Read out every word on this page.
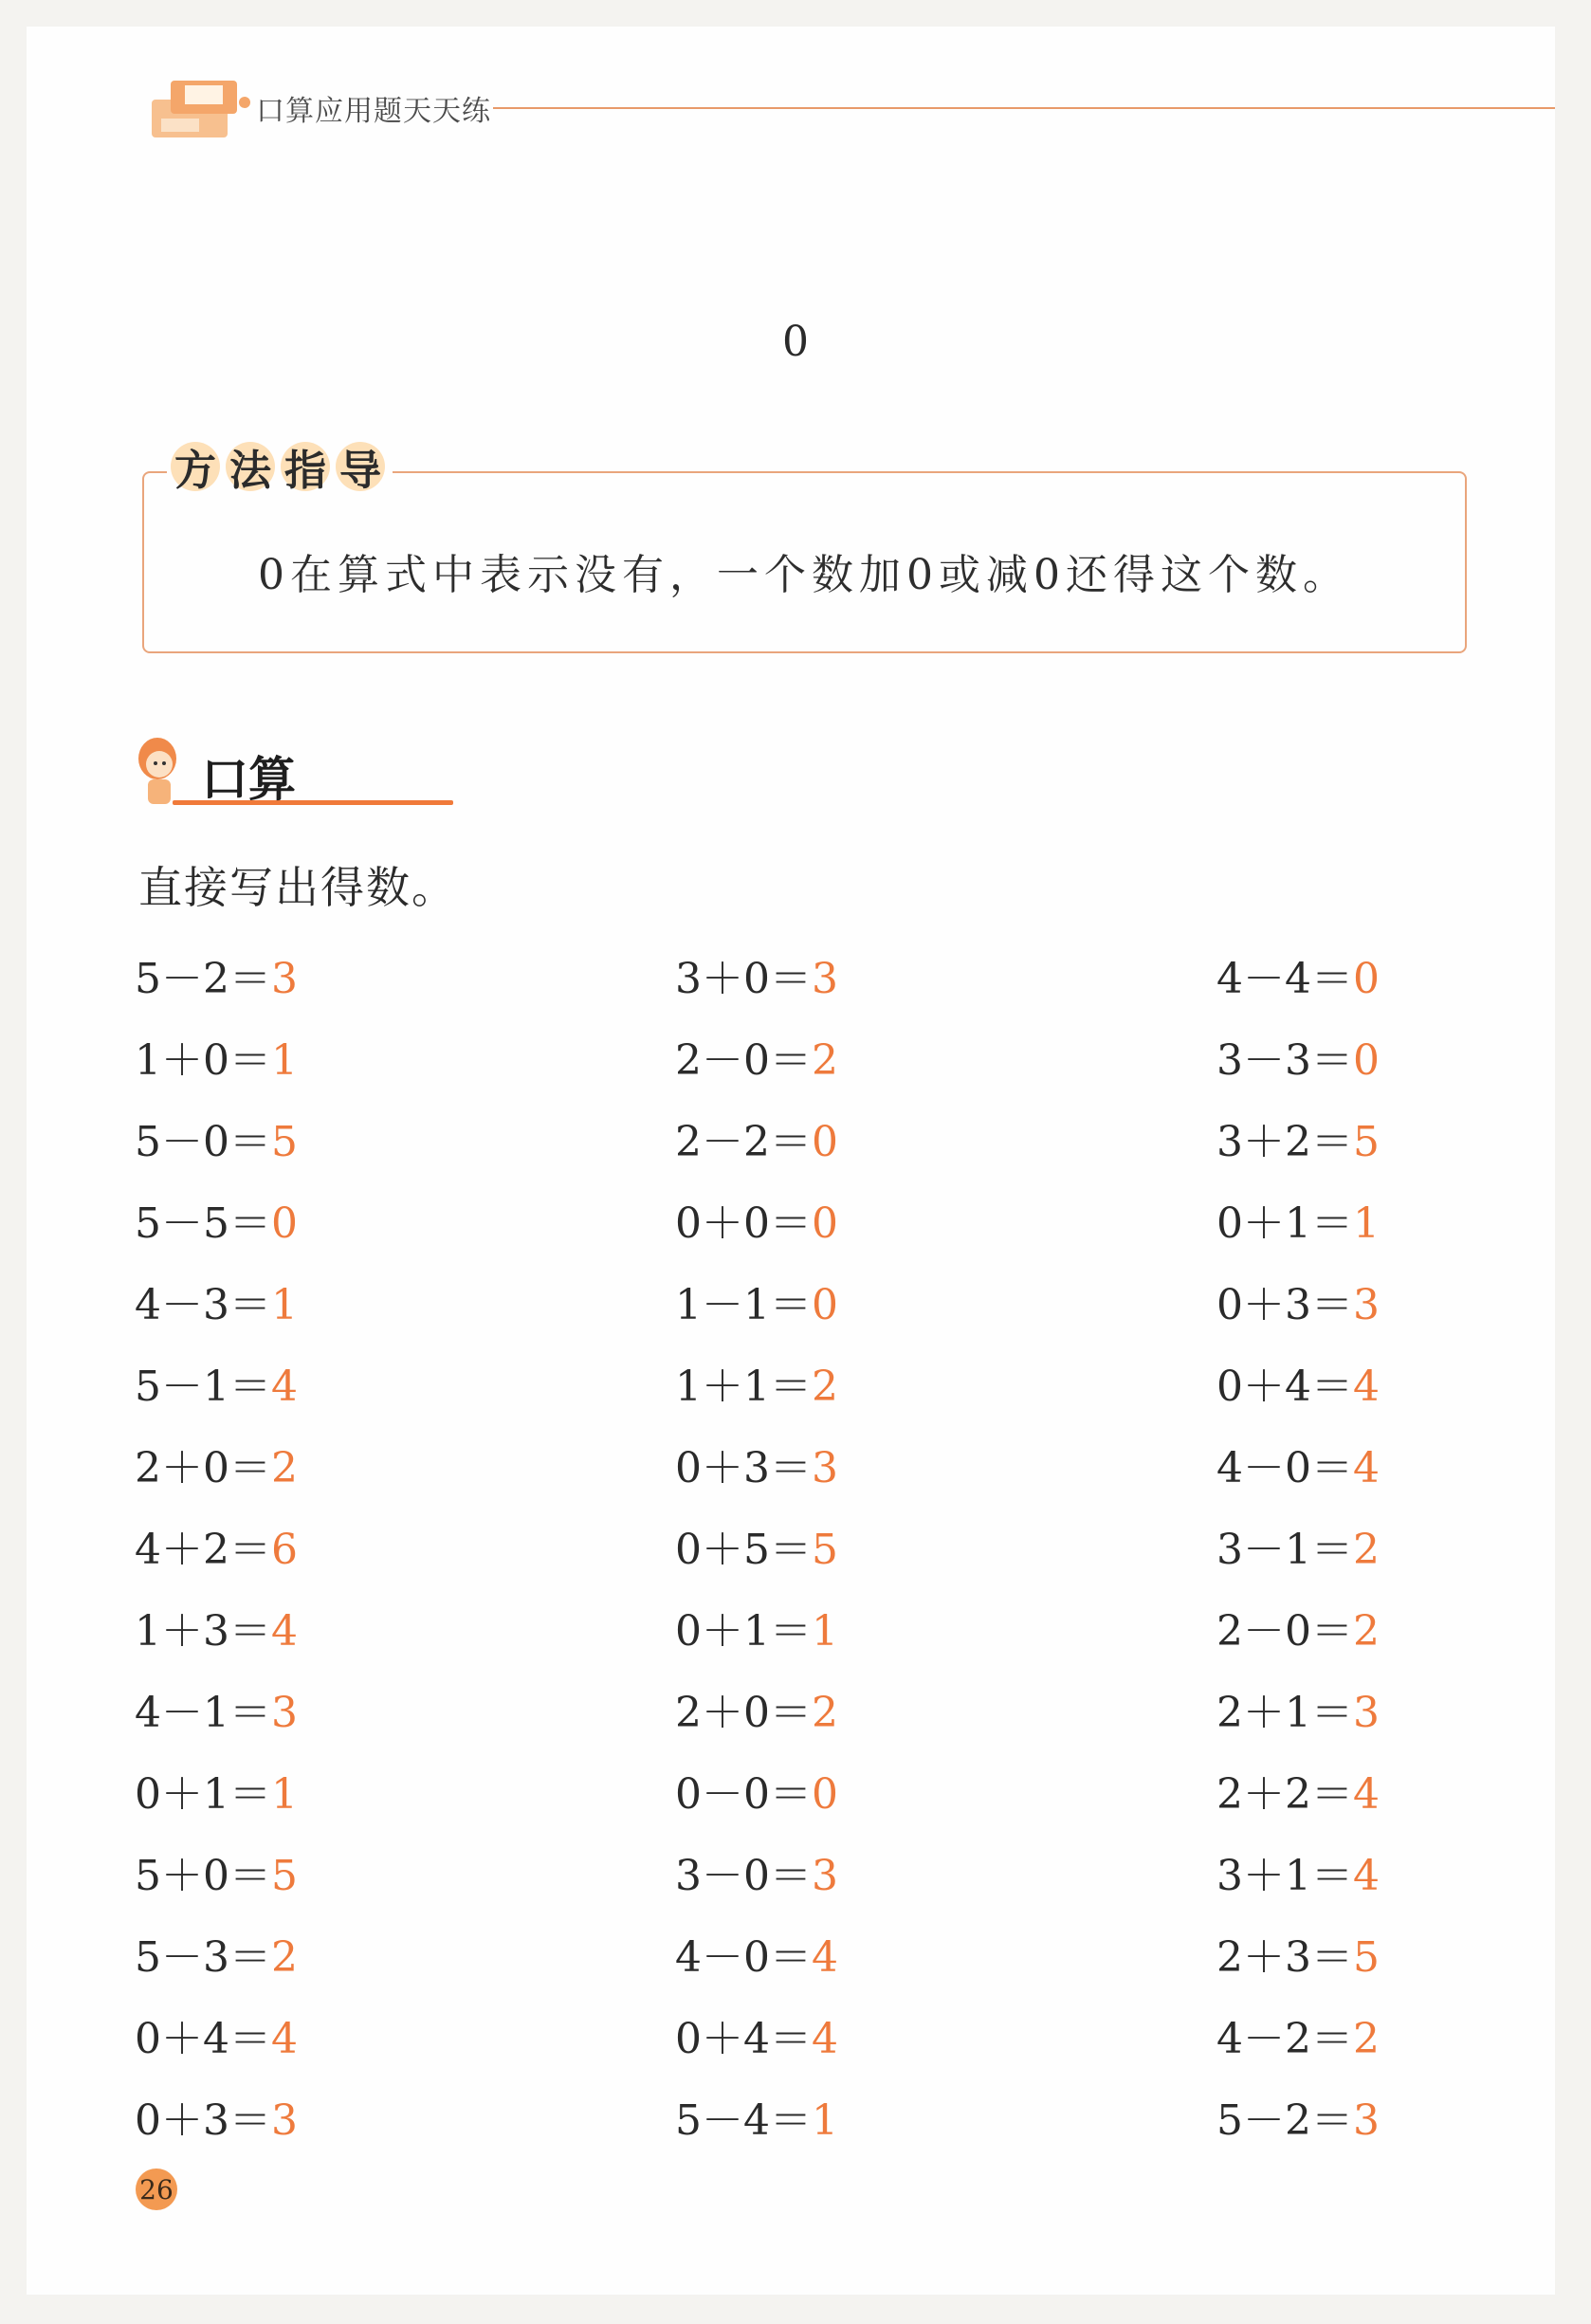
口算应用题天天练
0
方 法 指 导
0在算式中表示没有，一个数加0或减0还得这个数。
口算
直接写出得数。
5－2＝3
1＋0＝1
5－0＝5
5－5＝0
4－3＝1
5－1＝4
2＋0＝2
4＋2＝6
1＋3＝4
4－1＝3
0＋1＝1
5＋0＝5
5－3＝2
0＋4＝4
0＋3＝3
3＋0＝3
2－0＝2
2－2＝0
0＋0＝0
1－1＝0
1＋1＝2
0＋3＝3
0＋5＝5
0＋1＝1
2＋0＝2
0－0＝0
3－0＝3
4－0＝4
0＋4＝4
5－4＝1
4－4＝0
3－3＝0
3＋2＝5
0＋1＝1
0＋3＝3
0＋4＝4
4－0＝4
3－1＝2
2－0＝2
2＋1＝3
2＋2＝4
3＋1＝4
2＋3＝5
4－2＝2
5－2＝3
26
